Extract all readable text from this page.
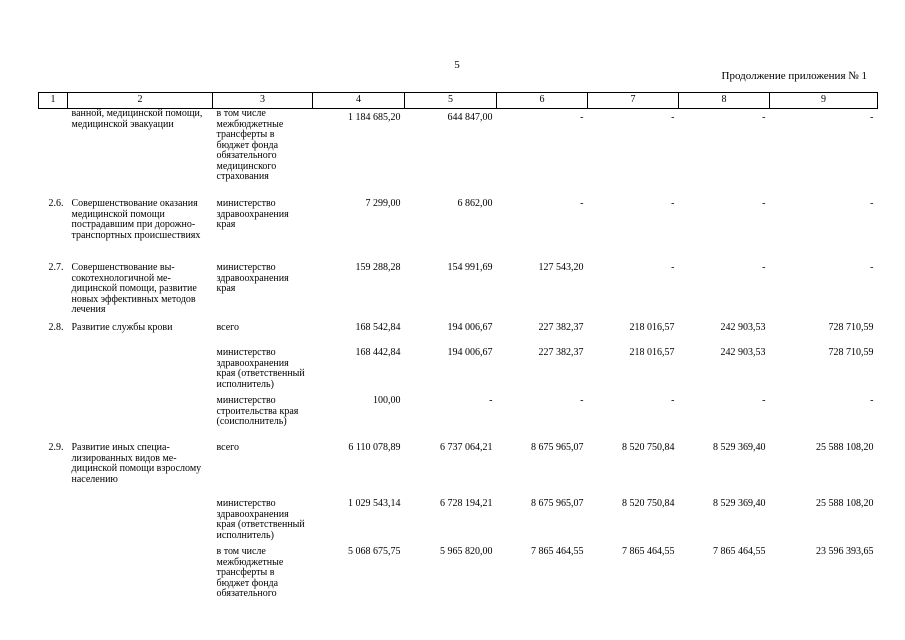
5
Продолжение приложения № 1
1	2	3	4	5	6	7	8	9
	ванной, медицинской помощи, медицинской эвакуации	в том числе межбюджетные трансферты в бюджет фонда обязательного медицинского страхования	1 184 685,20	644 847,00	-	-	-	-
2.6.	Совершенствование оказания медицинской помощи пострадавшим при дорожно-транспортных происшествиях	министерство здравоохранения края	7 299,00	6 862,00	-	-	-	-
2.7.	Совершенствование высокотехнологичной медицинской помощи, развитие новых эффективных методов лечения	министерство здравоохранения края	159 288,28	154 991,69	127 543,20	-	-	-
2.8.	Развитие службы крови	всего	168 542,84	194 006,67	227 382,37	218 016,57	242 903,53	728 710,59
		министерство здравоохранения края (ответственный исполнитель)	168 442,84	194 006,67	227 382,37	218 016,57	242 903,53	728 710,59
		министерство строительства края (соисполнитель)	100,00	-	-	-	-	-
2.9.	Развитие иных специализированных видов медицинской помощи взрослому населению	всего	6 110 078,89	6 737 064,21	8 675 965,07	8 520 750,84	8 529 369,40	25 588 108,20
		министерство здравоохранения края (ответственный исполнитель)	1 029 543,14	6 728 194,21	8 675 965,07	8 520 750,84	8 529 369,40	25 588 108,20
		в том числе межбюджетные трансферты в бюджет фонда обязательного	5 068 675,75	5 965 820,00	7 865 464,55	7 865 464,55	7 865 464,55	23 596 393,65
